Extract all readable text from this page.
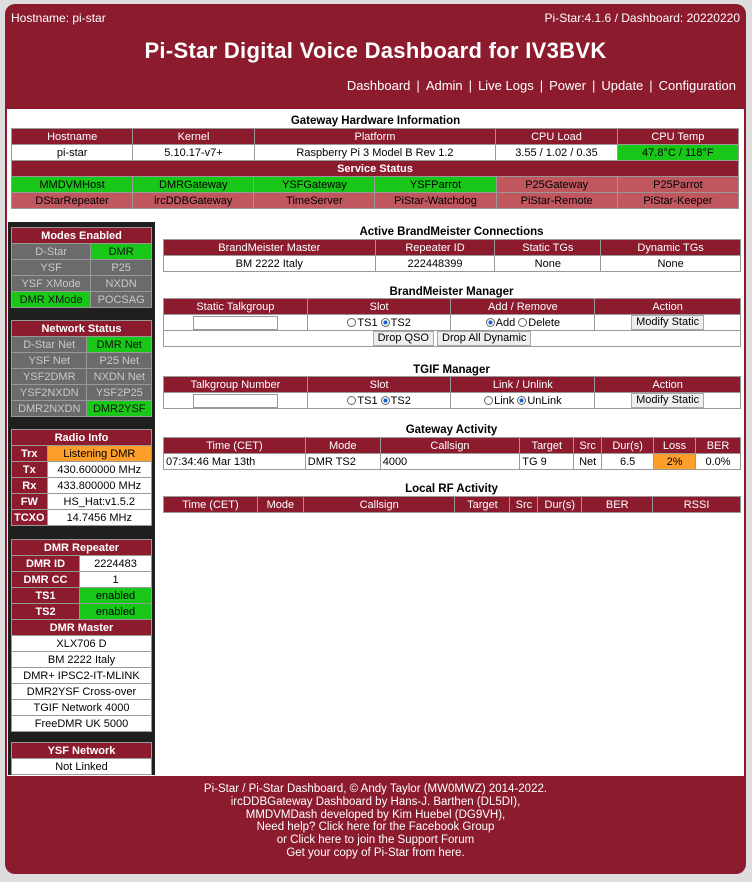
Hostname: pi-star	Pi-Star:4.1.6 / Dashboard: 20220220
Pi-Star Digital Voice Dashboard for IV3BVK
Dashboard | Admin | Live Logs | Power | Update | Configuration
Gateway Hardware Information
Hostname	Kernel	Platform	CPU Load	CPU Temp
pi-star	5.10.17-v7+	Raspberry Pi 3 Model B Rev 1.2	3.55 / 1.02 / 0.35	47.8°C / 118°F
Service Status				
MMDVMHost	DMRGateway	YSFGateway	YSFParrot	P25Gateway	P25Parrot
DStarRepeater	ircDDBGateway	TimeServer	PiStar-Watchdog	PiStar-Remote	PiStar-Keeper
Modes Enabled	
D-Star	DMR
YSF	P25
YSF XMode	NXDN
DMR XMode	POCSAG
Network Status	
D-Star Net	DMR Net
YSF Net	P25 Net
YSF2DMR	NXDN Net
YSF2NXDN	YSF2P25
DMR2NXDN	DMR2YSF
Radio Info	
Trx	Listening DMR
Tx	430.600000 MHz
Rx	433.800000 MHz
FW	HS_Hat:v1.5.2
TCXO	14.7456 MHz
DMR Repeater	
DMR ID	2224483
DMR CC	1
TS1	enabled
TS2	enabled
DMR Master	
XLX706 D	
BM 2222 Italy	
DMR+ IPSC2-IT-MLINK	
DMR2YSF Cross-over	
TGIF Network 4000	
FreeDMR UK 5000	
YSF Network
Not Linked
Active BrandMeister Connections
BrandMeister Master	Repeater ID	Static TGs	Dynamic TGs
BM 2222 Italy	222448399	None	None
BrandMeister Manager
Static Talkgroup	Slot	Add / Remove	Action
	TS1 TS2	Add Delete	Modify Static
Drop QSO Drop All Dynamic			
TGIF Manager
Talkgroup Number	Slot	Link / Unlink	Action
	TS1 TS2	Link UnLink	Modify Static
Gateway Activity
Time (CET)	Mode	Callsign	Target	Src	Dur(s)	Loss	BER
07:34:46 Mar 13th	DMR TS2	4000	TG 9	Net	6.5	2%	0.0%
Local RF Activity
Time (CET)	Mode	Callsign	Target	Src	Dur(s)	BER	RSSI
Pi-Star / Pi-Star Dashboard, © Andy Taylor (MW0MWZ) 2014-2022.
ircDDBGateway Dashboard by Hans-J. Barthen (DL5DI),
MMDVMDash developed by Kim Huebel (DG9VH),
Need help? Click here for the Facebook Group
or Click here to join the Support Forum
Get your copy of Pi-Star from here.
